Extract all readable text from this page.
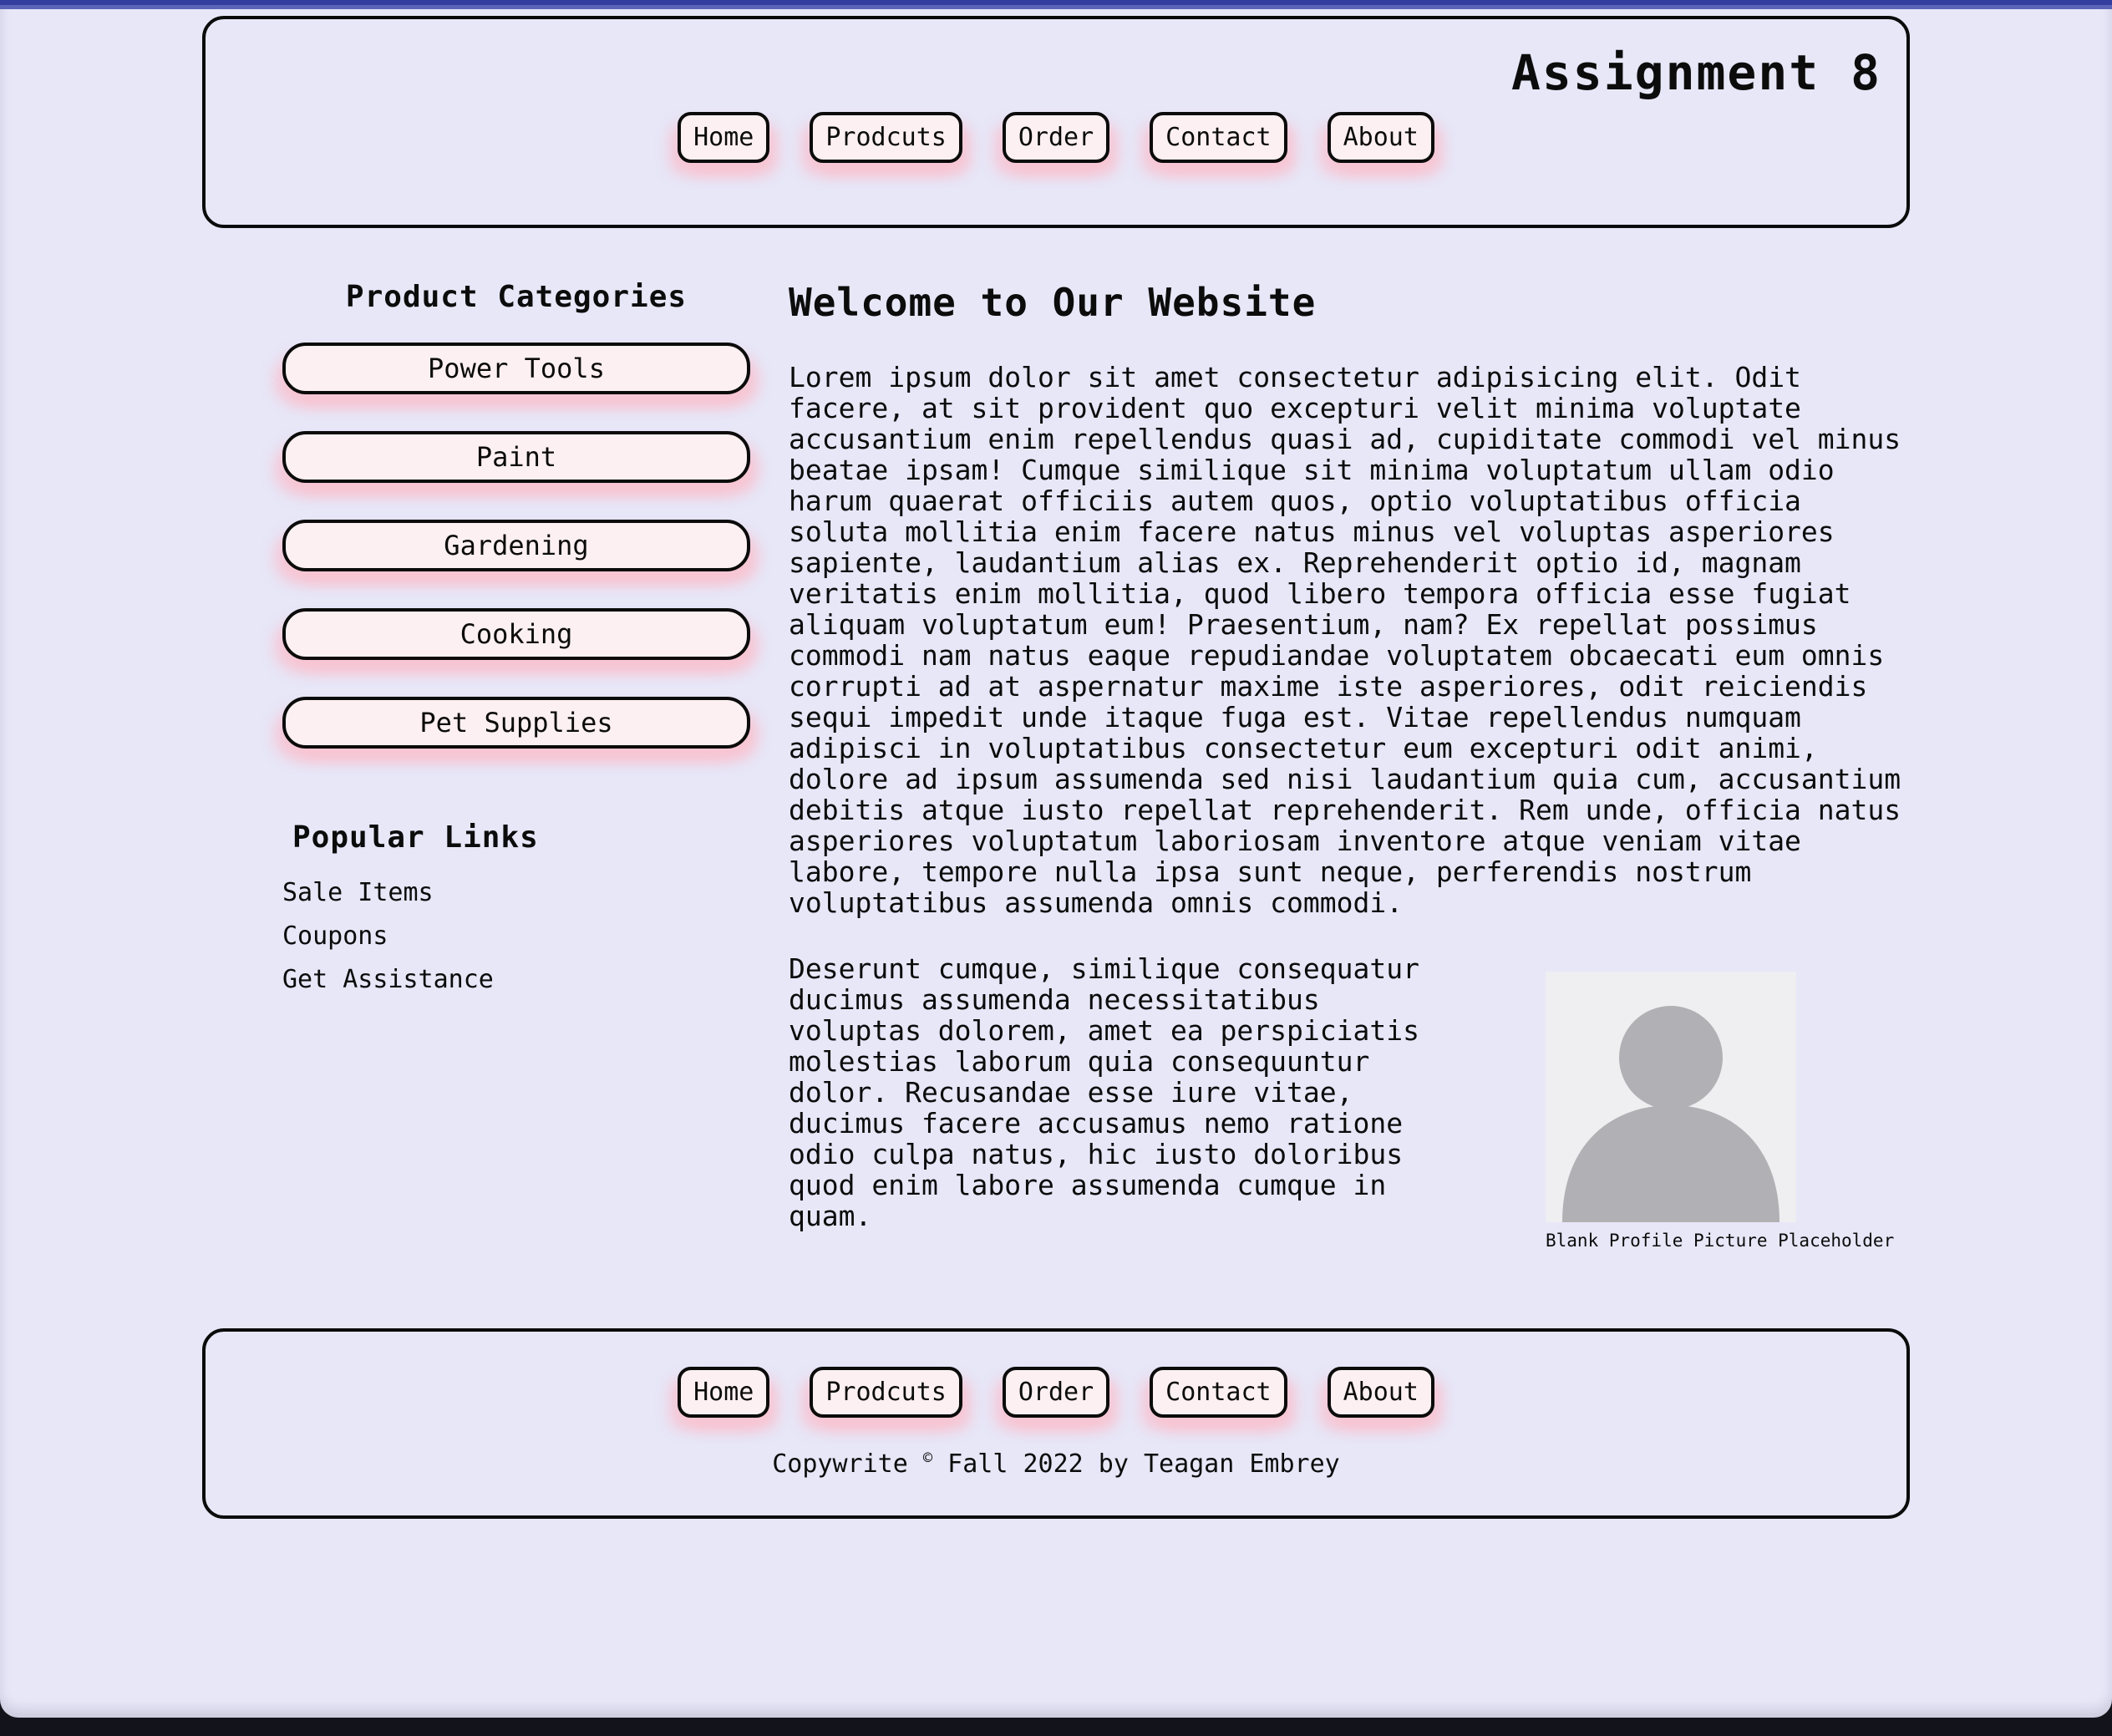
Assignment 8
Home	Prodcuts	Order	Contact	About
Product Categories
Power Tools
Paint
Gardening
Cooking
Pet Supplies
Popular Links
Sale Items
Coupons
Get Assistance
Welcome to Our Website

Lorem ipsum dolor sit amet consectetur adipisicing elit. Odit facere, at sit provident quo excepturi velit minima voluptate accusantium enim repellendus quasi ad, cupiditate commodi vel minus beatae ipsam! Cumque similique sit minima voluptatum ullam odio harum quaerat officiis autem quos, optio voluptatibus officia soluta mollitia enim facere natus minus vel voluptas asperiores sapiente, laudantium alias ex. Reprehenderit optio id, magnam veritatis enim mollitia, quod libero tempora officia esse fugiat aliquam voluptatum eum! Praesentium, nam? Ex repellat possimus commodi nam natus eaque repudiandae voluptatem obcaecati eum omnis corrupti ad at aspernatur maxime iste asperiores, odit reiciendis sequi impedit unde itaque fuga est. Vitae repellendus numquam adipisci in voluptatibus consectetur eum excepturi odit animi, dolore ad ipsum assumenda sed nisi laudantium quia cum, accusantium debitis atque iusto repellat reprehenderit. Rem unde, officia natus asperiores voluptatum laboriosam inventore atque veniam vitae labore, tempore nulla ipsa sunt neque, perferendis nostrum voluptatibus assumenda omnis commodi.

Blank Profile Picture Placeholder

Deserunt cumque, similique consequatur ducimus assumenda necessitatibus voluptas dolorem, amet ea perspiciatis molestias laborum quia consequuntur dolor. Recusandae esse iure vitae, ducimus facere accusamus nemo ratione odio culpa natus, hic iusto doloribus quod enim labore assumenda cumque in quam.

Home	Prodcuts	Order	Contact	About

Copywrite © Fall 2022 by Teagan Embrey
